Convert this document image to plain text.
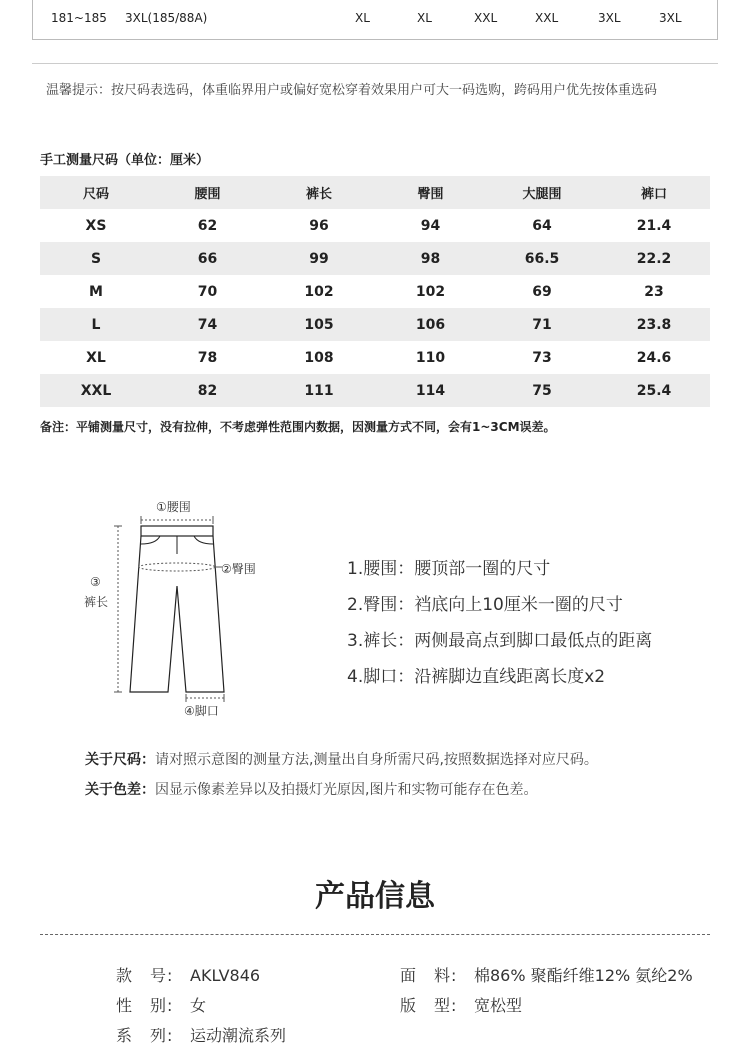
181~185 3XL(185/88A)	XL	XL	XXL	XXL	3XL	3XL
温馨提示：按尺码表选码，体重临界用户或偏好宽松穿着效果用户可大一码选购，跨码用户优先按体重选码
手工测量尺码（单位：厘米）
尺码	腰围	裤长	臀围	大腿围	裤口
XS	62	96	94	64	21.4
S	66	99	98	66.5	22.2
M	70	102	102	69	23
L	74	105	106	71	23.8
XL	78	108	110	73	24.6
XXL	82	111	114	75	25.4
备注：平铺测量尺寸，没有拉伸，不考虑弹性范围内数据，因测量方式不同，会有1~3CM误差。
①腰围
②臀围
③
裤长
④脚口
1.腰围：腰顶部一圈的尺寸
2.臀围：裆底向上10厘米一圈的尺寸
3.裤长：两侧最高点到脚口最低点的距离
4.脚口：沿裤脚边直线距离长度x2
关于尺码：请对照示意图的测量方法,测量出自身所需尺码,按照数据选择对应尺码。
关于色差：因显示像素差异以及拍摄灯光原因,图片和实物可能存在色差。
产品信息
款　号: AKLV846
性　别: 女
系　列: 运动潮流系列
面　料: 棉86% 聚酯纤维12% 氨纶2%
版　型: 宽松型
